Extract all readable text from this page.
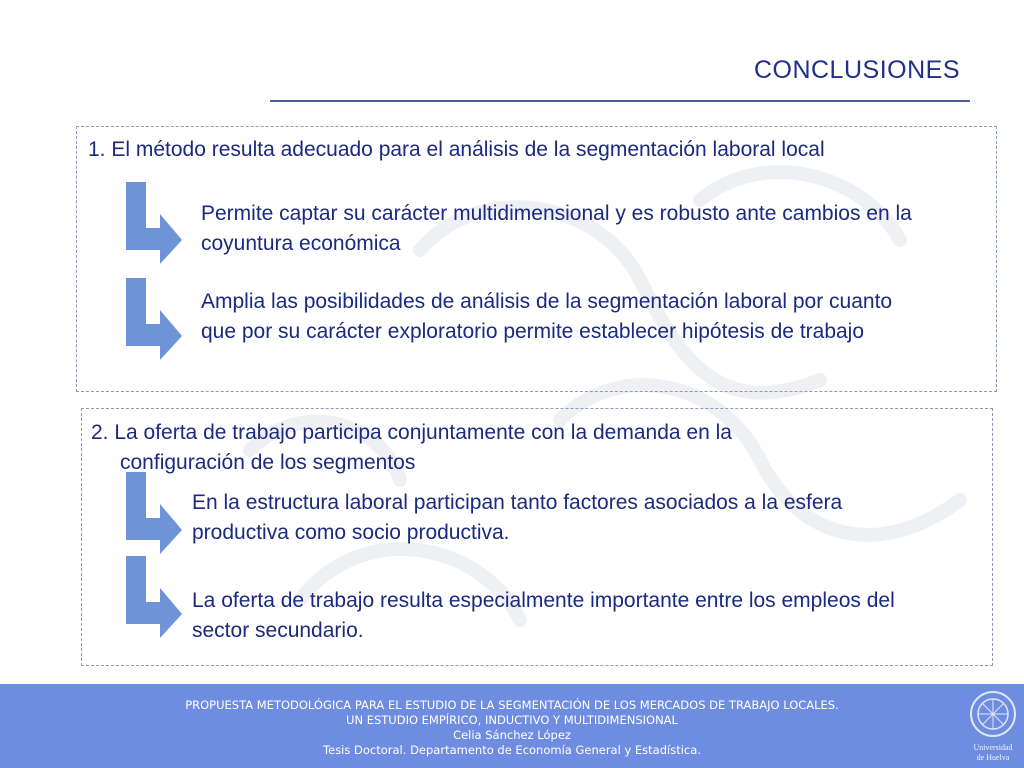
CONCLUSIONES
1. El método resulta adecuado para el análisis de la segmentación laboral local
Permite captar su carácter multidimensional y es robusto ante cambios en la coyuntura económica
Amplia las posibilidades de análisis de la segmentación laboral por cuanto que por su carácter exploratorio permite establecer hipótesis de trabajo
2. La oferta de trabajo participa conjuntamente con la demanda en la
configuración de los segmentos
En la estructura laboral participan tanto factores asociados a la esfera productiva como socio productiva.
La oferta de trabajo resulta especialmente importante entre los empleos del sector secundario.
PROPUESTA METODOLÓGICA PARA EL ESTUDIO DE LA SEGMENTACIÓN DE LOS MERCADOS DE TRABAJO LOCALES.
UN ESTUDIO EMPÍRICO, INDUCTIVO Y MULTIDIMENSIONAL
Celia Sánchez López
Tesis Doctoral. Departamento de Economía General y Estadística.	Universidad
de Huelva
